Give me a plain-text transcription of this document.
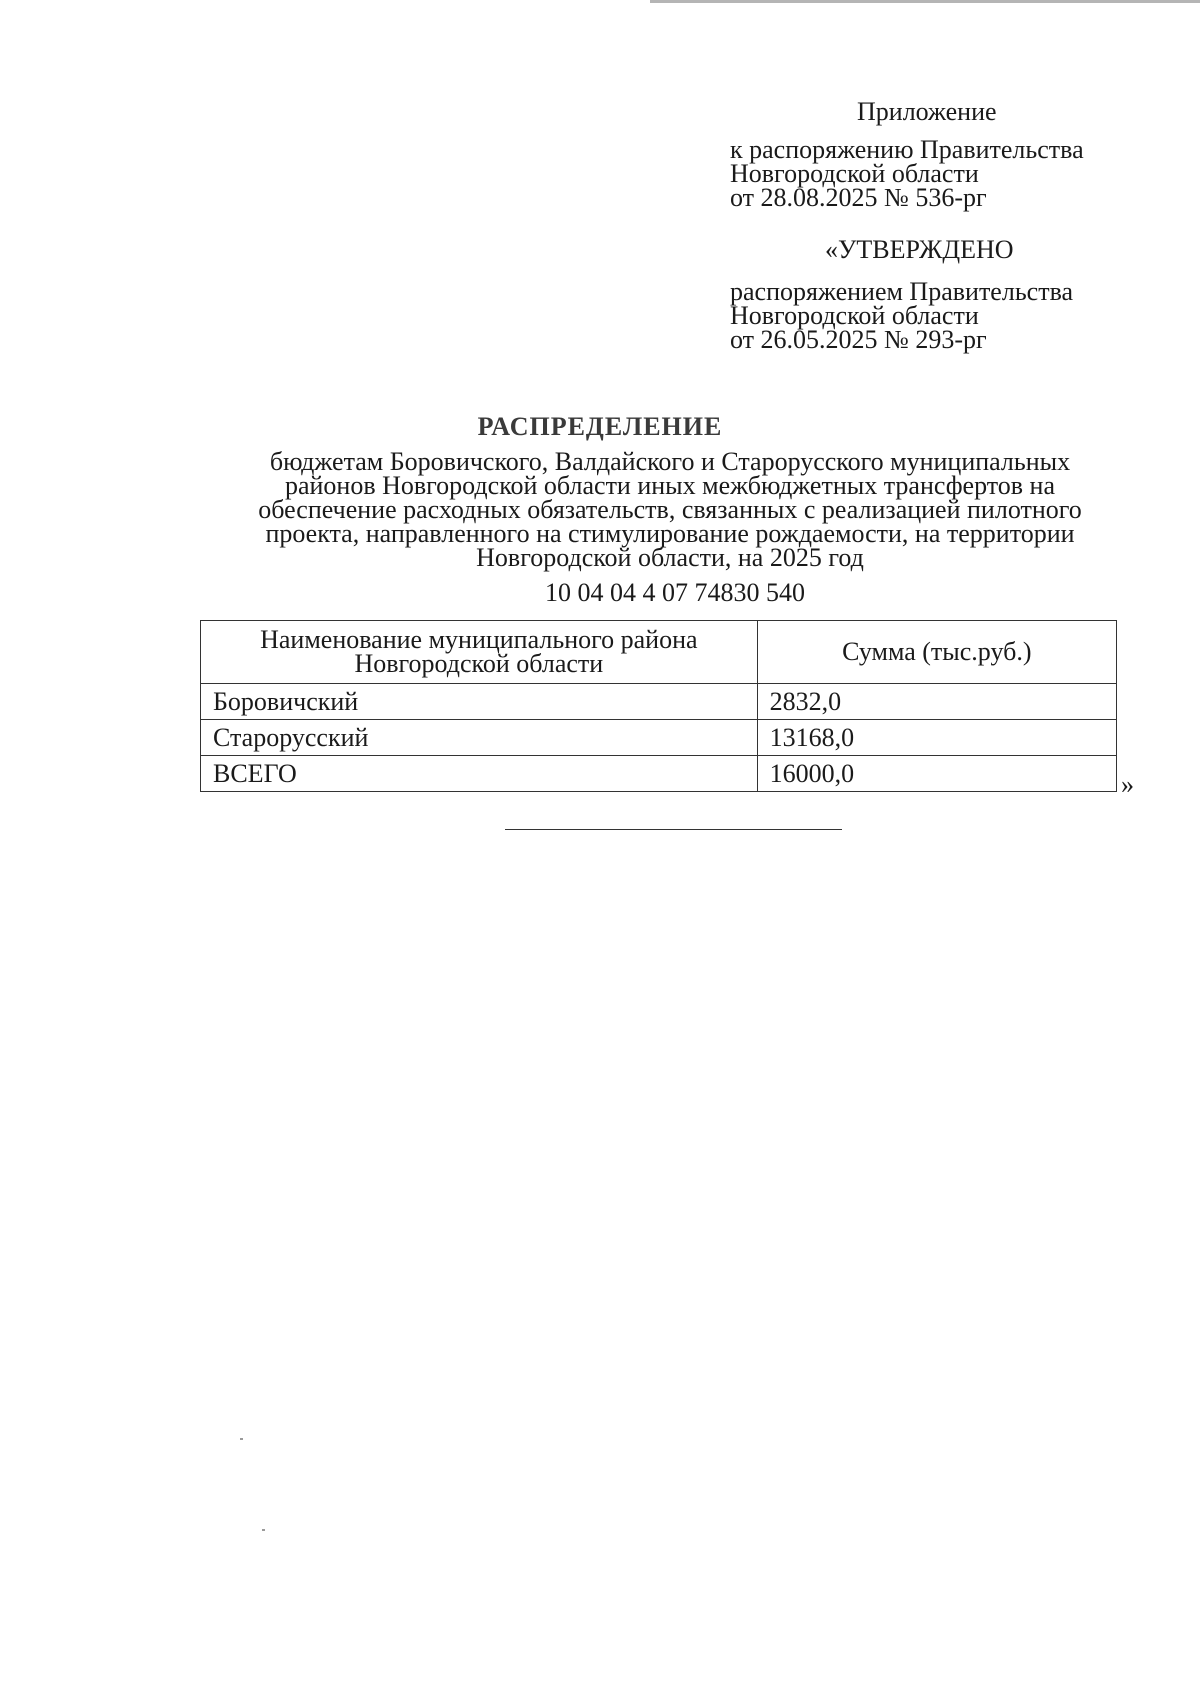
Приложение
к распоряжению Правительства
Новгородской области
от 28.08.2025 № 536-рг
«УТВЕРЖДЕНО
распоряжением Правительства
Новгородской области
от 26.05.2025 № 293-рг
РАСПРЕДЕЛЕНИЕ
бюджетам Боровичского, Валдайского и Старорусского муниципальных
районов Новгородской области иных межбюджетных трансфертов на
обеспечение расходных обязательств, связанных с реализацией пилотного
проекта, направленного на стимулирование рождаемости, на территории
Новгородской области, на 2025 год
10 04 04 4 07 74830 540
Наименование муниципального района Новгородской области	Сумма (тыс.руб.)
Боровичский	2832,0
Старорусский	13168,0
ВСЕГО	16000,0	»
